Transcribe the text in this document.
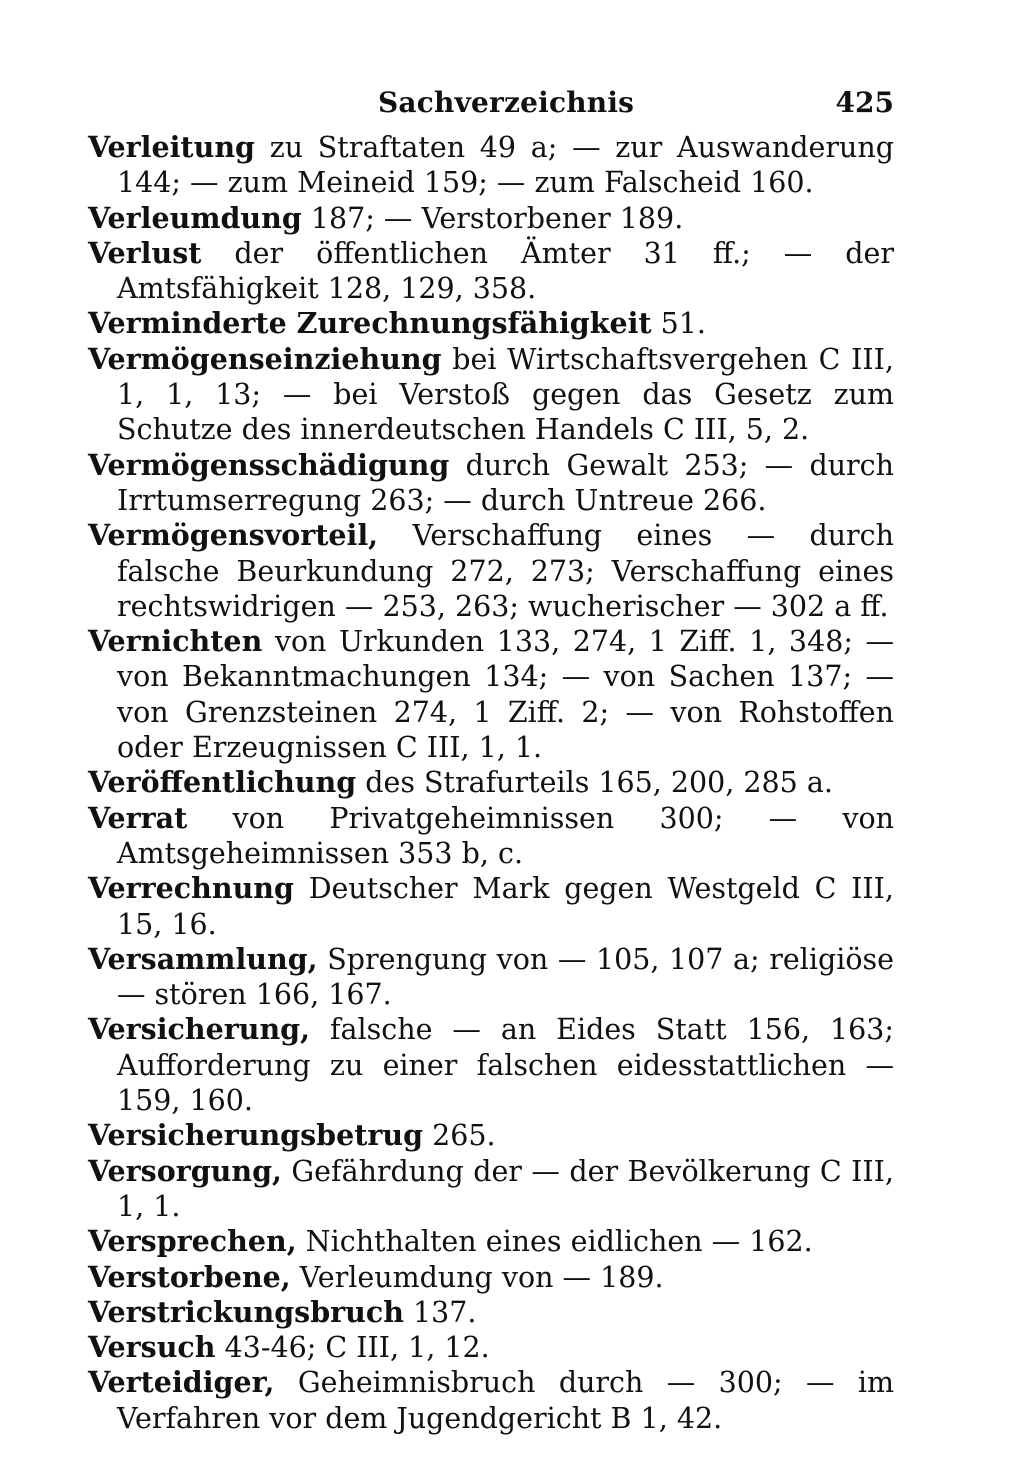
Sachverzeichnis	425
Verleitung zu Straftaten 49 a; — zur Auswanderung 144; — zum Meineid 159; — zum Falscheid 160.
Verleumdung 187; — Verstorbener 189.
Verlust der öffentlichen Ämter 31 ff.; — der Amtsfähigkeit 128, 129, 358.
Verminderte Zurechnungsfähigkeit 51.
Vermögenseinziehung bei Wirtschaftsvergehen C III, 1, 1, 13; — bei Verstoß gegen das Gesetz zum Schutze des innerdeutschen Handels C III, 5, 2.
Vermögensschädigung durch Gewalt 253; — durch Irrtumserregung 263; — durch Untreue 266.
Vermögensvorteil, Verschaffung eines — durch falsche Beurkundung 272, 273; Verschaffung eines rechtswidrigen — 253, 263; wucherischer — 302 a ff.
Vernichten von Urkunden 133, 274, 1 Ziff. 1, 348; — von Bekanntmachungen 134; — von Sachen 137; — von Grenzsteinen 274, 1 Ziff. 2; — von Rohstoffen oder Erzeugnissen C III, 1, 1.
Veröffentlichung des Strafurteils 165, 200, 285 a.
Verrat von Privatgeheimnissen 300; — von Amtsgeheimnissen 353 b, c.
Verrechnung Deutscher Mark gegen Westgeld C III, 15, 16.
Versammlung, Sprengung von — 105, 107 a; religiöse — stören 166, 167.
Versicherung, falsche — an Eides Statt 156, 163; Aufforderung zu einer falschen eidesstattlichen — 159, 160.
Versicherungsbetrug 265.
Versorgung, Gefährdung der — der Bevölkerung C III, 1, 1.
Versprechen, Nichthalten eines eidlichen — 162.
Verstorbene, Verleumdung von — 189.
Verstrickungsbruch 137.
Versuch 43-46; C III, 1, 12.
Verteidiger, Geheimnisbruch durch — 300; — im Verfahren vor dem Jugendgericht B 1, 42.
